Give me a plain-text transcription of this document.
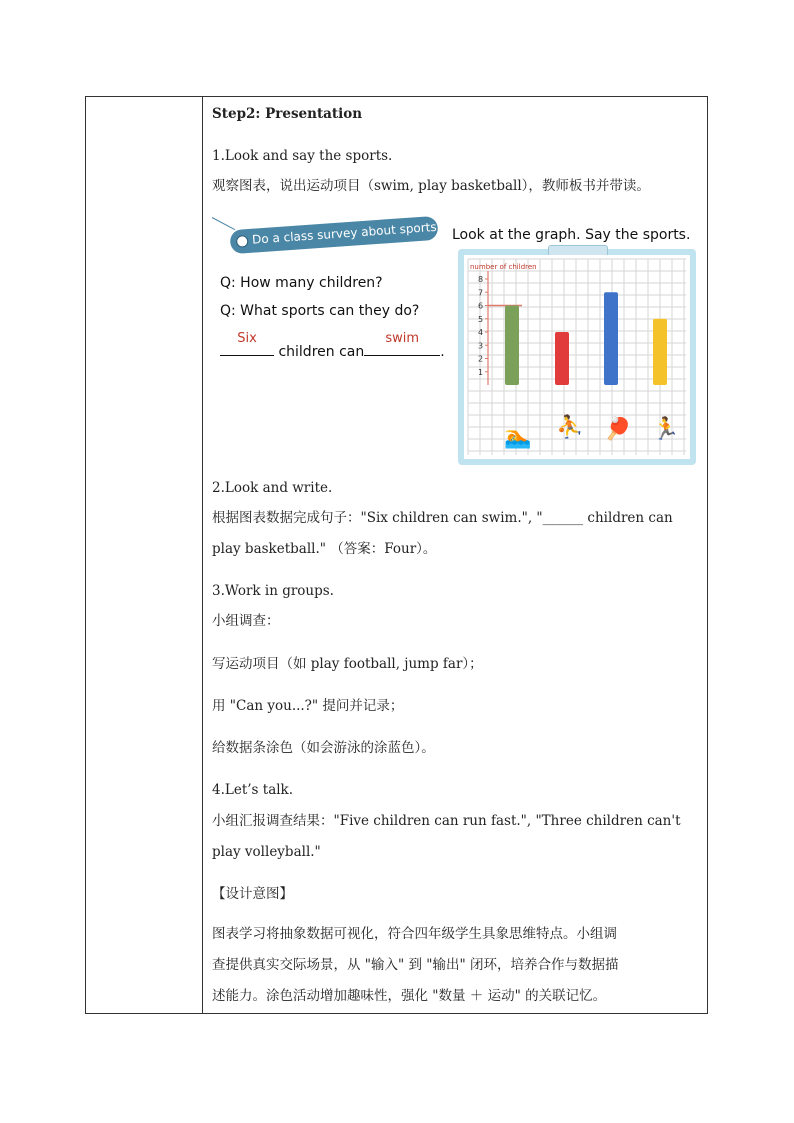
Step2: Presentation
1.Look and say the sports.
观察图表，说出运动项目（swim, play basketball），教师板书并带读。
Do a class survey about sports Look at the graph. Say the sports.
Q: How many children?
Q: What sports can they do?
Six
children can
swim
.
number of children
1
2
3
4
5
6
7
8
🏊 ⛹ 🏓 🏃
2.Look and write.
根据图表数据完成句子："Six children can swim.", "______ children can
play basketball." （答案：Four）。
3.Work in groups.
小组调查：
写运动项目（如 play football, jump far）；
用 "Can you...?" 提问并记录；
给数据条涂色（如会游泳的涂蓝色）。
4.Let’s talk.
小组汇报调查结果："Five children can run fast.", "Three children can't
play volleyball."
【设计意图】
图表学习将抽象数据可视化，符合四年级学生具象思维特点。小组调
查提供真实交际场景，从 "输入" 到 "输出" 闭环，培养合作与数据描
述能力。涂色活动增加趣味性，强化 "数量 ＋ 运动" 的关联记忆。
